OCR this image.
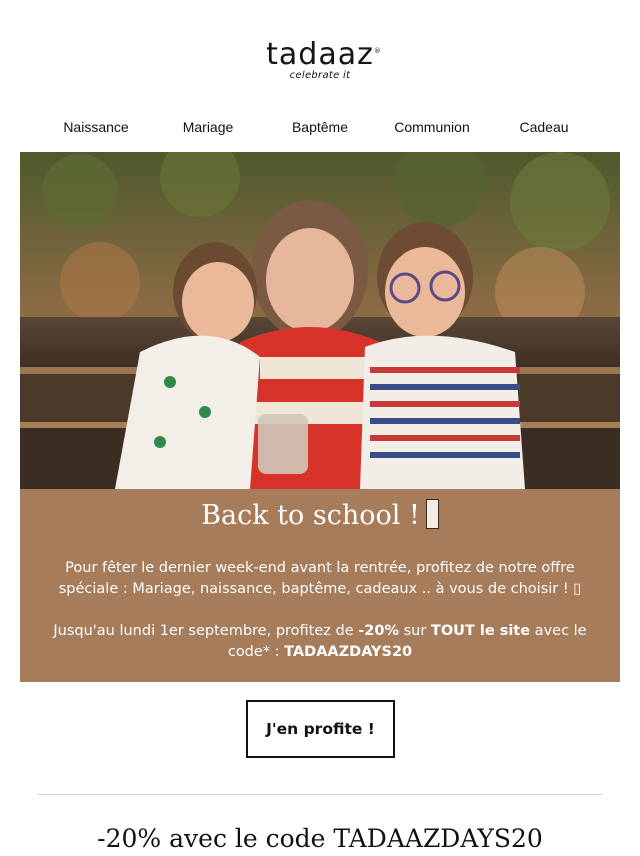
tadaaz ®
celebrate it
Naissance	Mariage	Baptême	Communion	Cadeau
Back to school !

Pour fêter le dernier week-end avant la rentrée, profitez de notre offre spéciale : Mariage, naissance, baptême, cadeaux .. à vous de choisir ! ▯

Jusqu'au lundi 1er septembre, profitez de -20% sur TOUT le site avec le code* : TADAAZDAYS20

J'en profite !
-20% avec le code TADAAZDAYS20
